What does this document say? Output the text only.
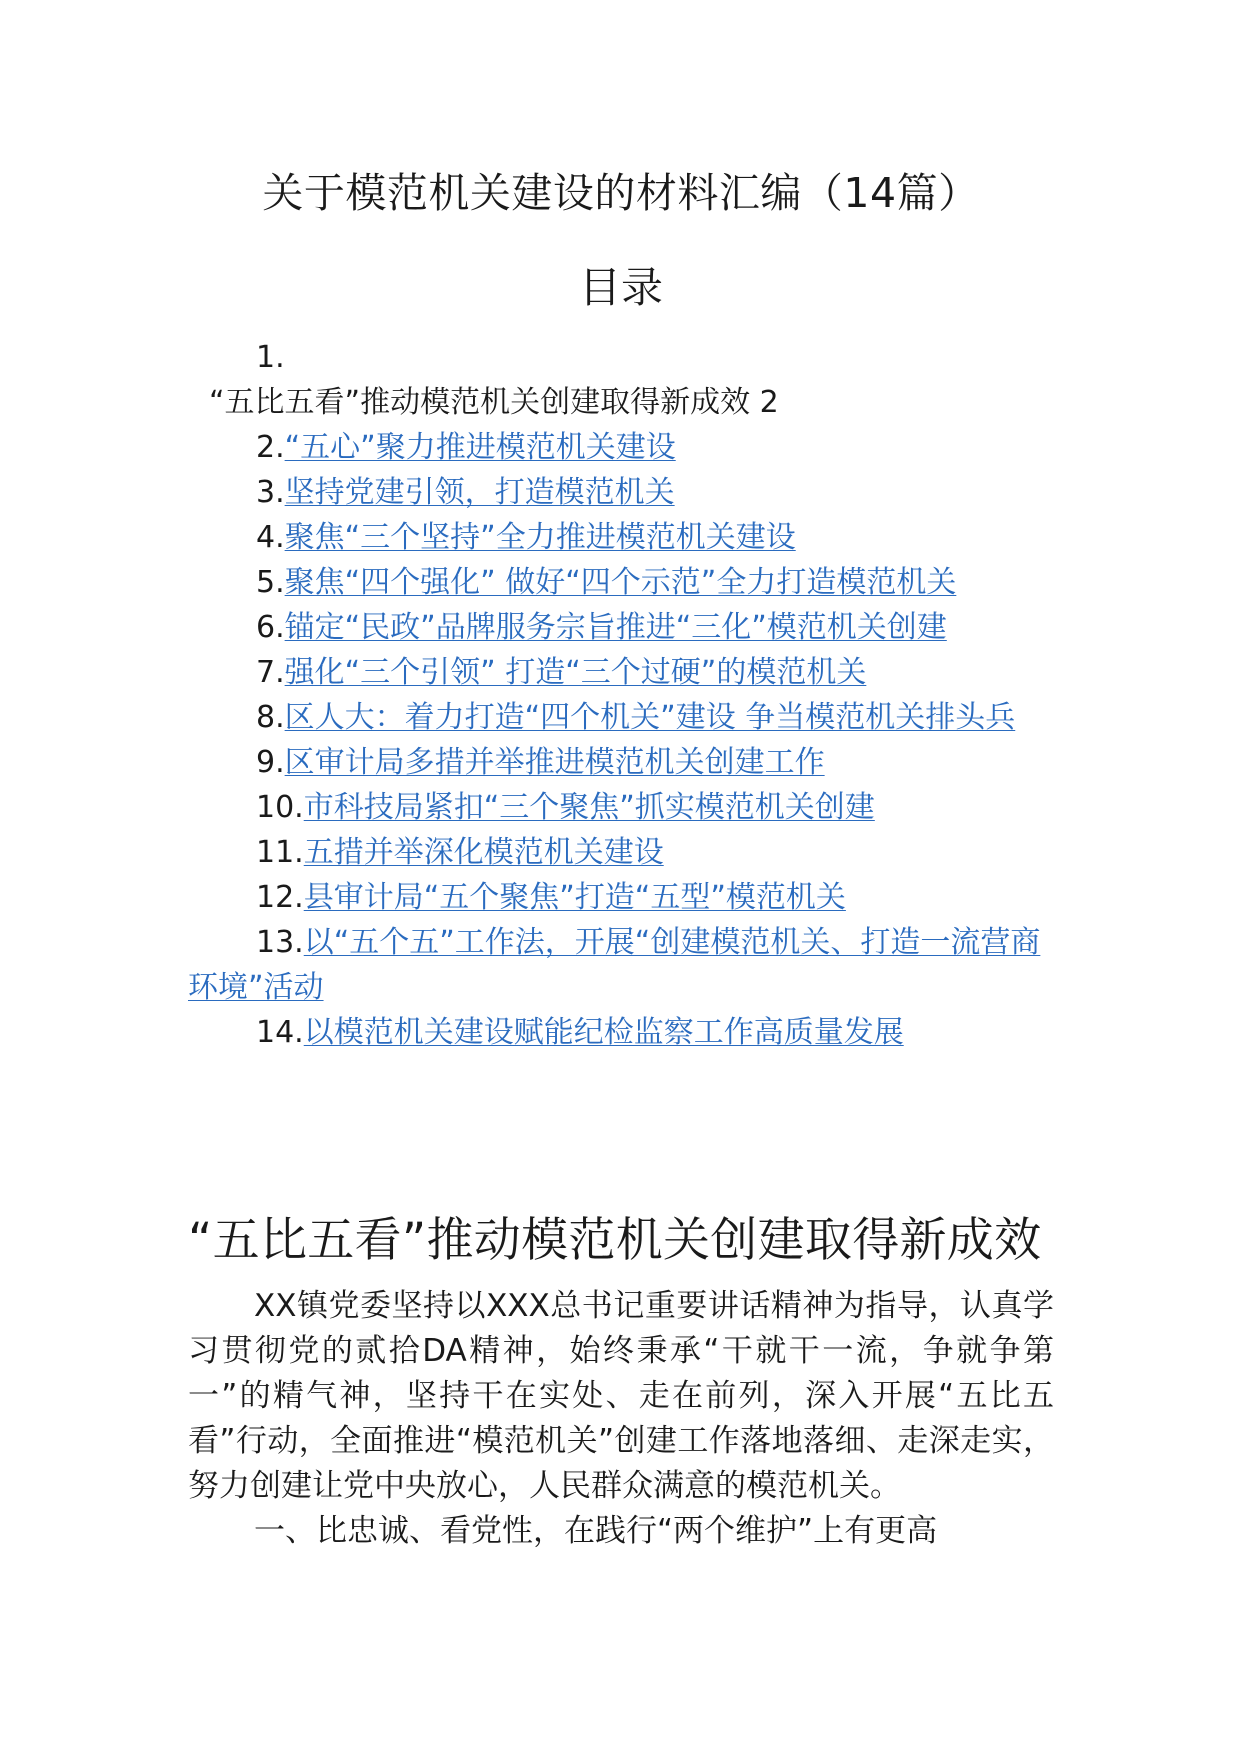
关于模范机关建设的材料汇编（14篇）
目录

1.

“五比五看”推动模范机关创建取得新成效 2

2.“五心”聚力推进模范机关建设

3.坚持党建引领，打造模范机关

4.聚焦“三个坚持”全力推进模范机关建设

5.聚焦“四个强化” 做好“四个示范”全力打造模范机关

6.锚定“民政”品牌服务宗旨推进“三化”模范机关创建

7.强化“三个引领” 打造“三个过硬”的模范机关

8.区人大：着力打造“四个机关”建设 争当模范机关排头兵

9.区审计局多措并举推进模范机关创建工作

10.市科技局紧扣“三个聚焦”抓实模范机关创建

11.五措并举深化模范机关建设

12.县审计局“五个聚焦”打造“五型”模范机关

13.以“五个五”工作法，开展“创建模范机关、打造一流营商环境”活动

14.以模范机关建设赋能纪检监察工作高质量发展

“五比五看”推动模范机关创建取得新成效

XX镇党委坚持以XXX总书记重要讲话精神为指导，认真学习贯彻党的贰拾DA精神，始终秉承“干就干一流，争就争第一”的精气神，坚持干在实处、走在前列，深入开展“五比五看”行动，全面推进“模范机关”创建工作落地落细、走深走实，努力创建让党中央放心，人民群众满意的模范机关。

一、比忠诚、看党性，在践行“两个维护”上有更高
